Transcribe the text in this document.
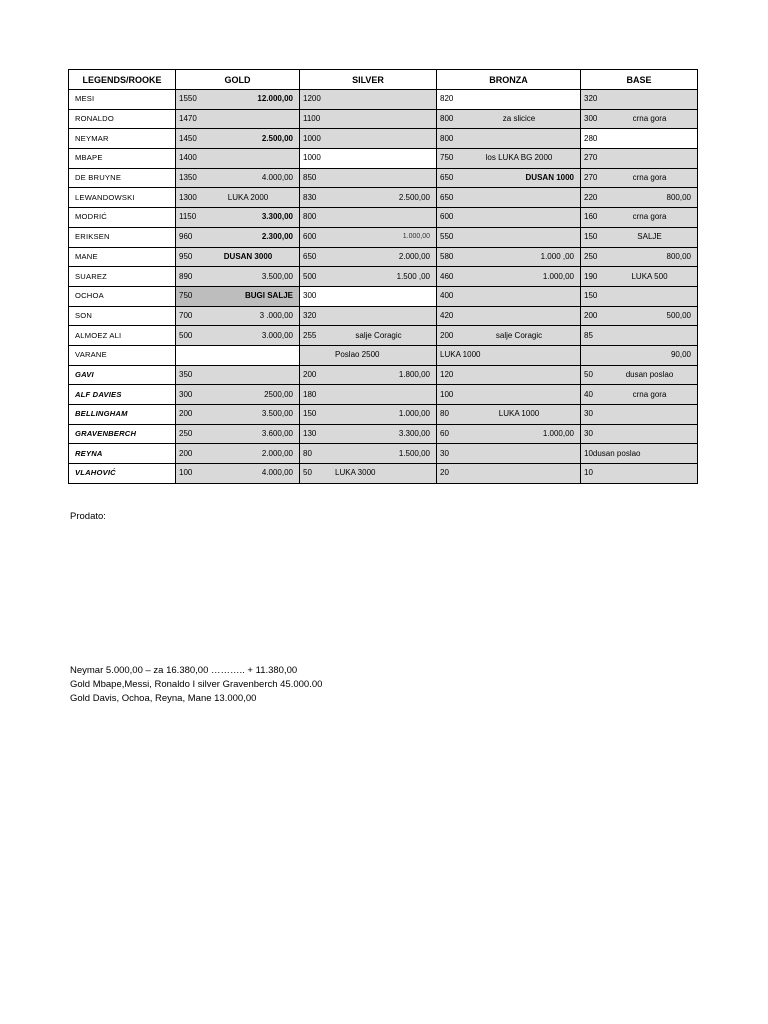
LEGENDS/ROOKE	GOLD	SILVER	BRONZA	BASE
MESI	1550 12.000,00	1200	820	320

RONALDO	1470	1100	800 za slicice	300 crna gora

NEYMAR	1450 2.500,00	1000	800	280

MBAPE	1400	1000	750 los LUKA BG 2000	270

DE BRUYNE	1350 4.000,00	850	650 DUSAN 1000	270 crna gora

LEWANDOWSKI	1300 LUKA 2000	830 2.500,00	650	220 800,00

MODRIĆ	1150 3.300,00	800	600	160 crna gora

ERIKSEN	960 2.300,00	600 1.000,00	550	150 SALJE

MANE	950 DUSAN 3000	650 2.000,00	580 1.000 ,00	250 800,00

SUAREZ	890 3.500,00	500 1.500 ,00	460 1.000,00	190 LUKA 500

OCHOA	750 BUGI SALJE	300	400	150

SON	700 3 .000,00	320	420	200 500,00

ALMOEZ ALI	500 3.000,00	255 salje Coragic	200 salje Coragic	85

VARANE		Poslao 2500	LUKA 1000	90,00

GAVI	350	200 1.800,00	120	50 dusan poslao

ALF DAVIES	300 2500,00	180	100	40 crna gora

BELLINGHAM	200 3.500,00	150 1.000,00	80 LUKA 1000	30

GRAVENBERCH	250 3.600,00	130 3.300,00	60 1.000,00	30

REYNA	200 2.000,00	80 1.500,00	30	10dusan poslao

VLAHOVIĆ	100 4.000,00	50 LUKA 3000	20	10
Prodato:
Neymar 5.000,00 – za 16.380,00 ……….. + 11.380,00
Gold Mbape,Messi, Ronaldo I silver Gravenberch 45.000.00
Gold Davis, Ochoa, Reyna, Mane 13.000,00
